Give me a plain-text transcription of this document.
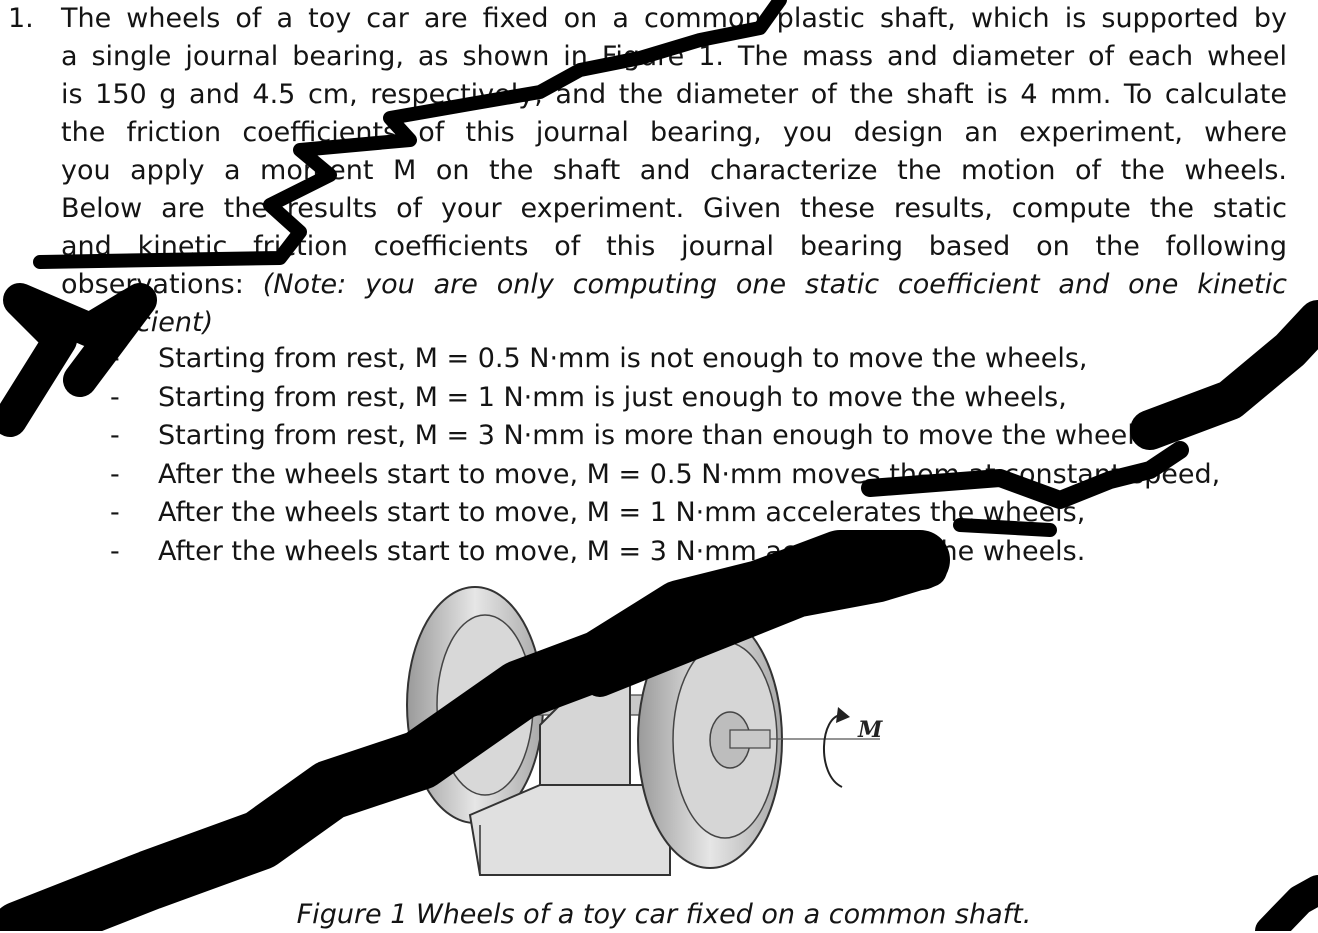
1. The wheels of a toy car are fixed on a common plastic shaft, which is supported by
a single journal bearing, as shown in Figure 1. The mass and diameter of each wheel
is 150 g and 4.5 cm, respectively, and the diameter of the shaft is 4 mm. To calculate
the friction coefficients of this journal bearing, you design an experiment, where
you apply a moment M on the shaft and characterize the motion of the wheels.
Below are the results of your experiment. Given these results, compute the static
and kinetic friction coefficients of this journal bearing based on the following
observations: (Note: you are only computing one static coefficient and one kinetic
coefficient)
- Starting from rest, M = 0.5 N·mm is not enough to move the wheels,
- Starting from rest, M = 1 N·mm is just enough to move the wheels,
- Starting from rest, M = 3 N·mm is more than enough to move the wheels,
- After the wheels start to move, M = 0.5 N·mm moves them at constant speed,
- After the wheels start to move, M = 1 N·mm accelerates the wheels,
- After the wheels start to move, M = 3 N·mm accelerates the wheels.
M
Figure 1 Wheels of a toy car fixed on a common shaft.
